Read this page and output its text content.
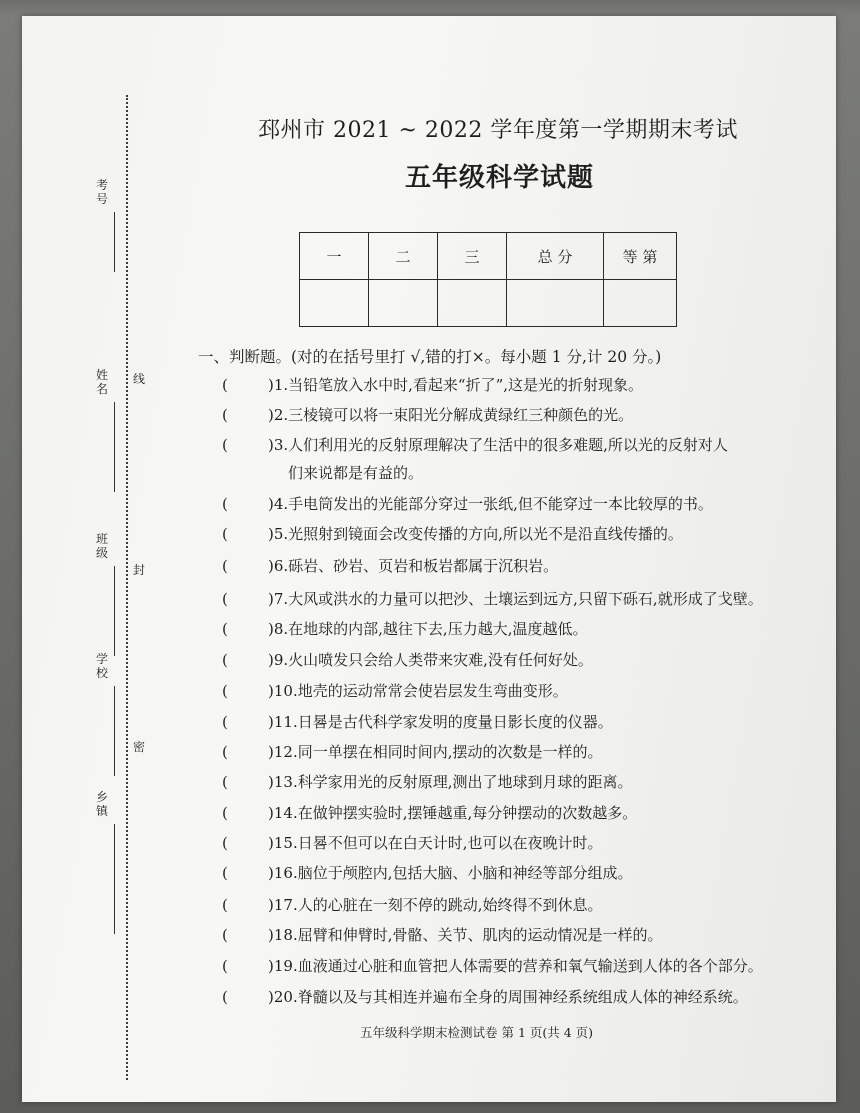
线
封
密
考号
姓名
班级
学校
乡镇
邳州市 2021 ~ 2022 学年度第一学期期末考试
五年级科学试题
一	二	三	总 分	等 第

一、判断题。(对的在括号里打 √,错的打×。每小题 1 分,计 20 分。)
(	)1.当铅笔放入水中时,看起来“折了”,这是光的折射现象。
(	)2.三棱镜可以将一束阳光分解成黄绿红三种颜色的光。
(	)3.人们利用光的反射原理解决了生活中的很多难题,所以光的反射对人
们来说都是有益的。
(	)4.手电筒发出的光能部分穿过一张纸,但不能穿过一本比较厚的书。
(	)5.光照射到镜面会改变传播的方向,所以光不是沿直线传播的。
(	)6.砾岩、砂岩、页岩和板岩都属于沉积岩。
(	)7.大风或洪水的力量可以把沙、土壤运到远方,只留下砾石,就形成了戈壁。
(	)8.在地球的内部,越往下去,压力越大,温度越低。
(	)9.火山喷发只会给人类带来灾难,没有任何好处。
(	)10.地壳的运动常常会使岩层发生弯曲变形。
(	)11.日晷是古代科学家发明的度量日影长度的仪器。
(	)12.同一单摆在相同时间内,摆动的次数是一样的。
(	)13.科学家用光的反射原理,测出了地球到月球的距离。
(	)14.在做钟摆实验时,摆锤越重,每分钟摆动的次数越多。
(	)15.日晷不但可以在白天计时,也可以在夜晚计时。
(	)16.脑位于颅腔内,包括大脑、小脑和神经等部分组成。
(	)17.人的心脏在一刻不停的跳动,始终得不到休息。
(	)18.屈臂和伸臂时,骨骼、关节、肌肉的运动情况是一样的。
(	)19.血液通过心脏和血管把人体需要的营养和氧气输送到人体的各个部分。
(	)20.脊髓以及与其相连并遍布全身的周围神经系统组成人体的神经系统。
五年级科学期末检测试卷 第 1 页(共 4 页)
